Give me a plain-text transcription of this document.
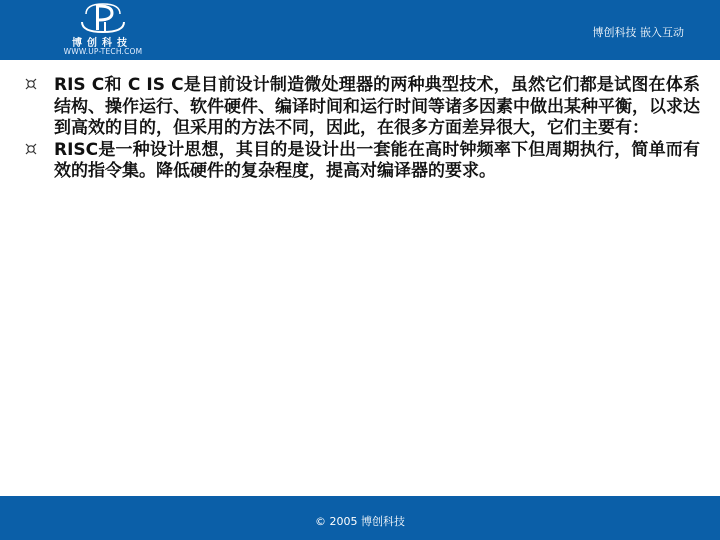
博创科技
WWW.UP-TECH.COM
博创科技 嵌入互动
RIS C和 C IS C是目前设计制造微处理器的两种典型技术，虽然它们都是试图在体系结构、操作运行、软件硬件、编译时间和运行时间等诸多因素中做出某种平衡，以求达到高效的目的，但采用的方法不同，因此，在很多方面差异很大，它们主要有：
RISC是一种设计思想，其目的是设计出一套能在高时钟频率下但周期执行，简单而有效的指令集。降低硬件的复杂程度，提高对编译器的要求。
© 2005 博创科技
